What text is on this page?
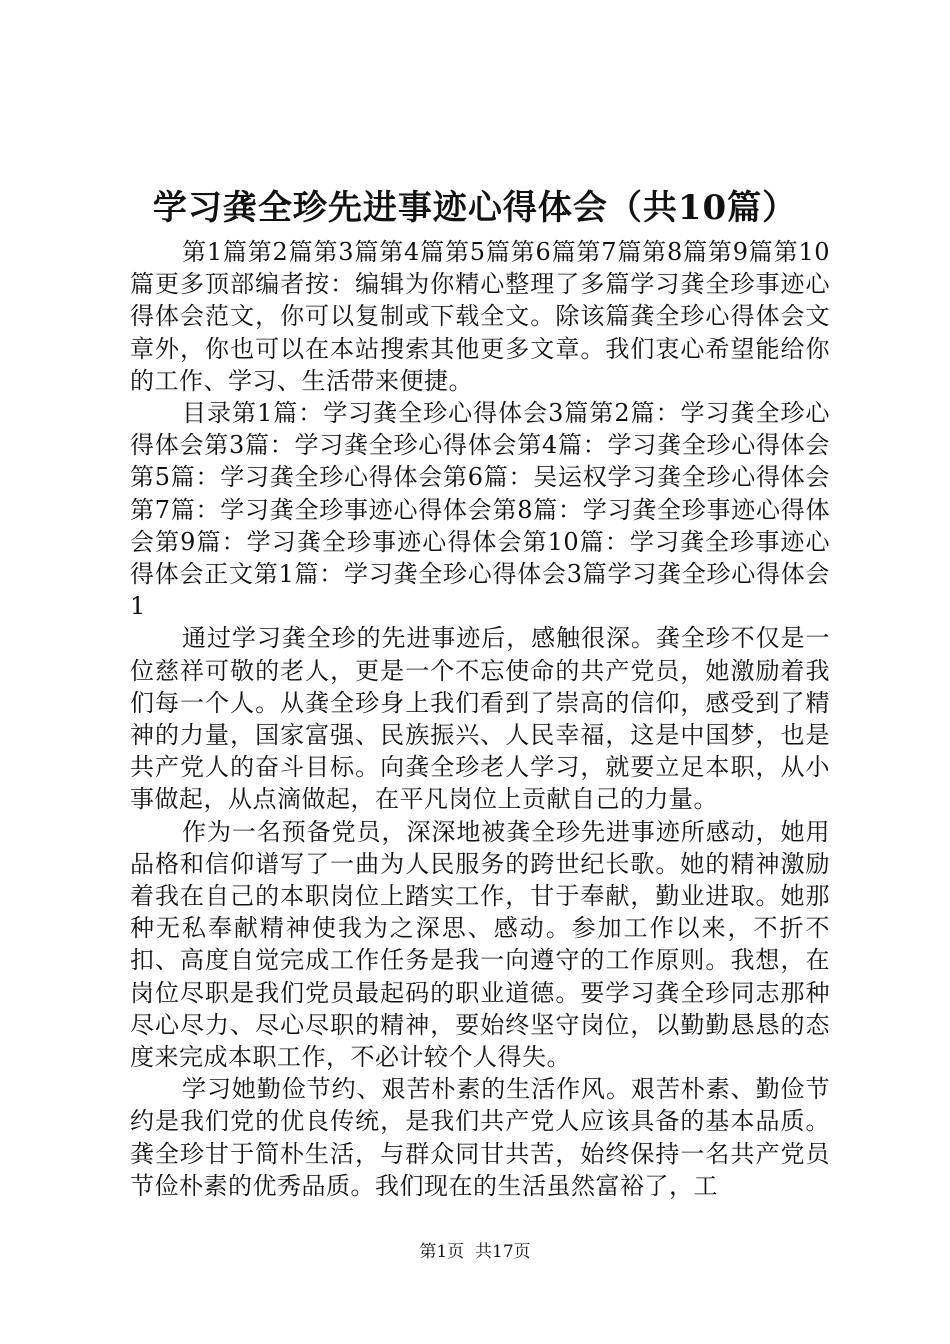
学习龚全珍先进事迹心得体会（共10篇）

第1篇第2篇第3篇第4篇第5篇第6篇第7篇第8篇第9篇第10篇更多顶部编者按：编辑为你精心整理了多篇学习龚全珍事迹心得体会范文，你可以复制或下载全文。除该篇龚全珍心得体会文章外，你也可以在本站搜索其他更多文章。我们衷心希望能给你的工作、学习、生活带来便捷。

目录第1篇：学习龚全珍心得体会3篇第2篇：学习龚全珍心得体会第3篇：学习龚全珍心得体会第4篇：学习龚全珍心得体会第5篇：学习龚全珍心得体会第6篇：吴运权学习龚全珍心得体会第7篇：学习龚全珍事迹心得体会第8篇：学习龚全珍事迹心得体会第9篇：学习龚全珍事迹心得体会第10篇：学习龚全珍事迹心得体会正文第1篇：学习龚全珍心得体会3篇学习龚全珍心得体会1

通过学习龚全珍的先进事迹后，感触很深。龚全珍不仅是一位慈祥可敬的老人，更是一个不忘使命的共产党员，她激励着我们每一个人。从龚全珍身上我们看到了崇高的信仰，感受到了精神的力量，国家富强、民族振兴、人民幸福，这是中国梦，也是共产党人的奋斗目标。向龚全珍老人学习，就要立足本职，从小事做起，从点滴做起，在平凡岗位上贡献自己的力量。

作为一名预备党员，深深地被龚全珍先进事迹所感动，她用品格和信仰谱写了一曲为人民服务的跨世纪长歌。她的精神激励着我在自己的本职岗位上踏实工作，甘于奉献，勤业进取。她那种无私奉献精神使我为之深思、感动。参加工作以来，不折不扣、高度自觉完成工作任务是我一向遵守的工作原则。我想，在岗位尽职是我们党员最起码的职业道德。要学习龚全珍同志那种尽心尽力、尽心尽职的精神，要始终坚守岗位，以勤勤恳恳的态度来完成本职工作，不必计较个人得失。

学习她勤俭节约、艰苦朴素的生活作风。艰苦朴素、勤俭节约是我们党的优良传统，是我们共产党人应该具备的基本品质。龚全珍甘于简朴生活，与群众同甘共苦，始终保持一名共产党员节俭朴素的优秀品质。我们现在的生活虽然富裕了，工

第1页 共17页
